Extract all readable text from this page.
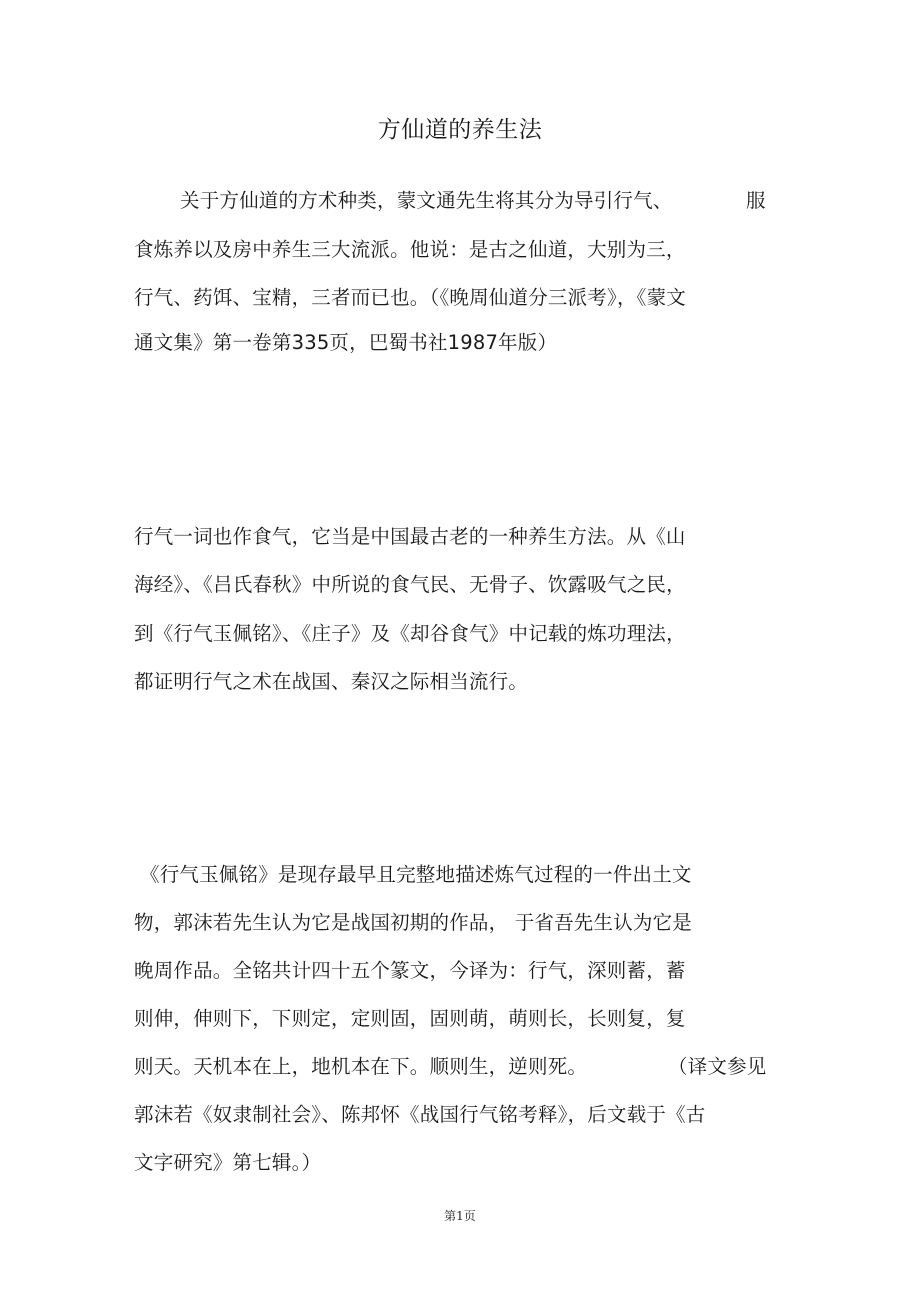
方仙道的养生法
关于方仙道的方术种类，蒙文通先生将其分为导引行气、	服
食炼养以及房中养生三大流派。他说：是古之仙道，大别为三，
行气、药饵、宝精，三者而已也。（《晚周仙道分三派考》，《蒙文
通文集》第一卷第335页，巴蜀书社1987年版）
行气一词也作食气，它当是中国最古老的一种养生方法。从《山
海经》、《吕氏春秋》中所说的食气民、无骨子、饮露吸气之民，
到《行气玉佩铭》、《庄子》及《却谷食气》中记载的炼功理法，
都证明行气之术在战国、秦汉之际相当流行。
《行气玉佩铭》是现存最早且完整地描述炼气过程的一件出土文
物，郭沫若先生认为它是战国初期的作品， 于省吾先生认为它是
晚周作品。全铭共计四十五个篆文，今译为：行气，深则蓄，蓄
则伸，伸则下，下则定，定则固，固则萌，萌则长，长则复，复
则天。天机本在上，地机本在下。顺则生，逆则死。	（译文参见
郭沫若《奴隶制社会》、陈邦怀《战国行气铭考释》，后文载于《古
文字研究》第七辑。）
第1页
